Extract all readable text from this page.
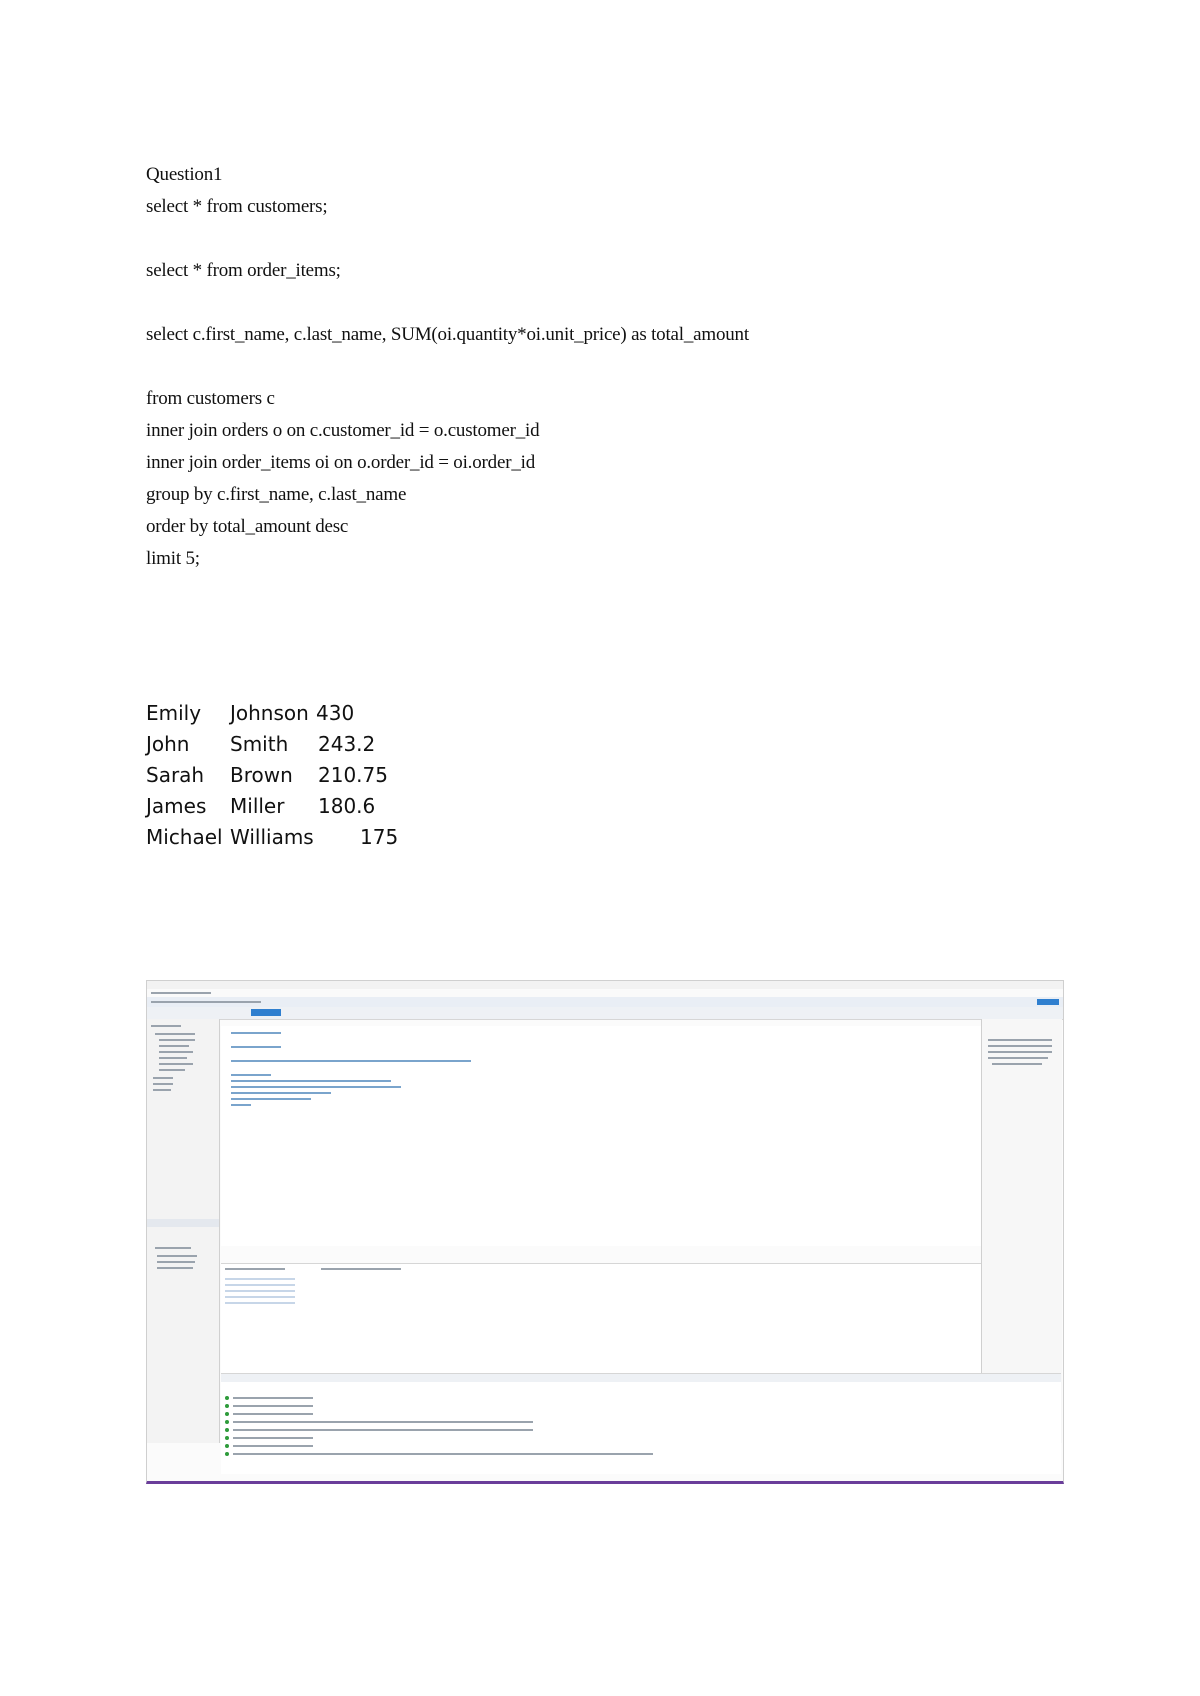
Question1
select * from customers;
select * from order_items;
select c.first_name, c.last_name, SUM(oi.quantity*oi.unit_price) as total_amount
from customers c
inner join orders o on c.customer_id = o.customer_id
inner join order_items oi on o.order_id = oi.order_id
group by c.first_name, c.last_name
order by total_amount desc
limit 5;
Emily Johnson 430
John Smith 243.2
Sarah Brown 210.75
James Miller 180.6
Michael Williams 175
